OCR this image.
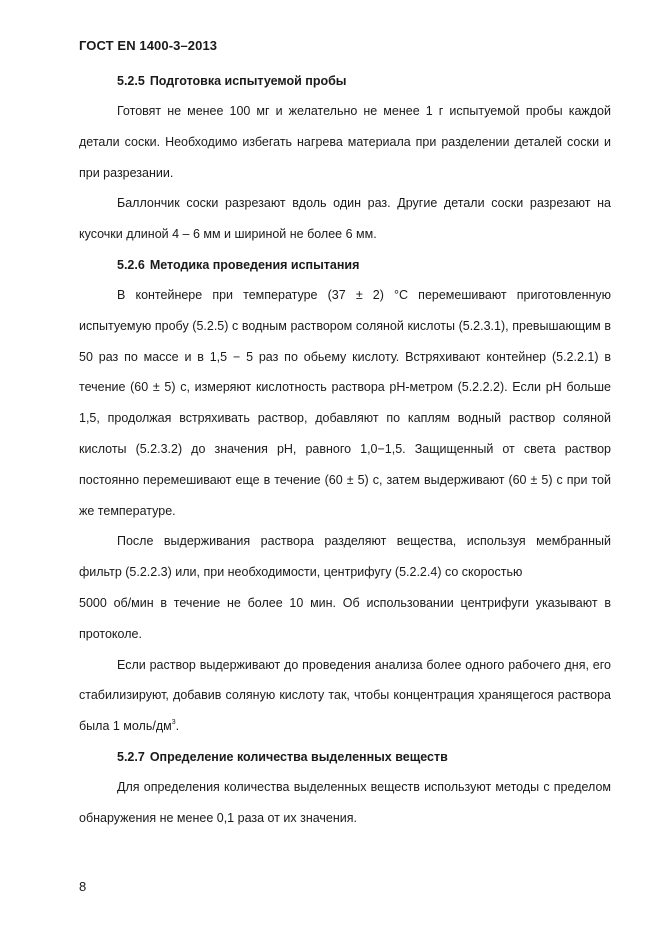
ГОСТ EN 1400-3–2013
5.2.5 Подготовка испытуемой пробы

Готовят не менее 100 мг и желательно не менее 1 г испытуемой пробы каждой детали соски. Необходимо избегать нагрева материала при разделении деталей соски и при разрезании.

Баллончик соски разрезают вдоль один раз. Другие детали соски разрезают на кусочки длиной 4 – 6 мм и шириной не более 6 мм.

5.2.6 Методика проведения испытания

В контейнере при температуре (37 ± 2) °С перемешивают приготовленную испытуемую пробу (5.2.5) с водным раствором соляной кислоты (5.2.3.1), превышающим в 50 раз по массе и в 1,5 − 5 раз по обьему кислоту. Встряхивают контейнер (5.2.2.1) в течение (60 ± 5) с, измеряют кислотность раствора рН-метром (5.2.2.2). Если рН больше 1,5, продолжая встряхивать раствор, добавляют по каплям водный раствор соляной кислоты (5.2.3.2) до значения рН, равного 1,0−1,5. Защищенный от света раствор постоянно перемешивают еще в течение (60 ± 5) с, затем выдерживают (60 ± 5) с при той же температуре.

После выдерживания раствора разделяют вещества, используя мембранный фильтр (5.2.2.3) или, при необходимости, центрифугу (5.2.2.4) со скоростью

5000 об/мин в течение не более 10 мин. Об использовании центрифуги указывают в протоколе.

Если раствор выдерживают до проведения анализа более одного рабочего дня, его стабилизируют, добавив соляную кислоту так, чтобы концентрация хранящегося раствора была 1 моль/$дм^3$.

5.2.7 Определение количества выделенных веществ

Для определения количества выделенных веществ используют методы с пределом обнаружения не менее 0,1 раза от их значения.

8
